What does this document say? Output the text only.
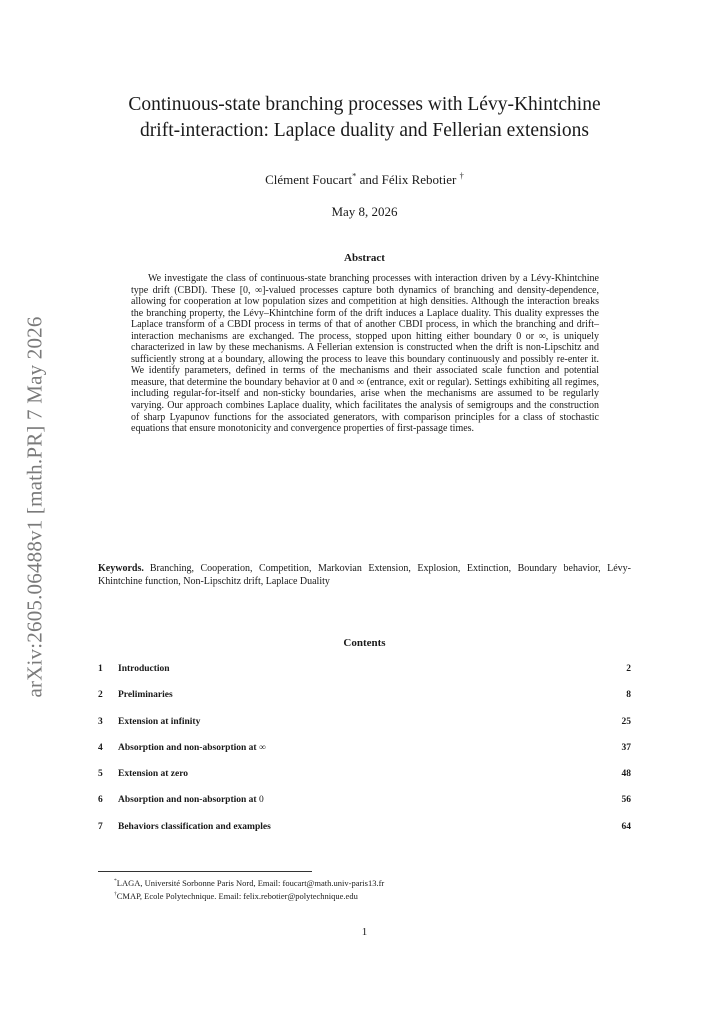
arXiv:2605.06488v1 [math.PR] 7 May 2026
Continuous-state branching processes with Lévy-Khintchine
drift-interaction: Laplace duality and Fellerian extensions
Clément Foucart* and Félix Rebotier †
May 8, 2026
Abstract

We investigate the class of continuous-state branching processes with interaction driven by a Lévy-Khintchine type drift (CBDI). These [0, ∞]-valued processes capture both dynamics of branching and density-dependence, allowing for cooperation at low population sizes and competition at high densities. Although the interaction breaks the branching property, the Lévy–Khintchine form of the drift induces a Laplace duality. This duality expresses the Laplace transform of a CBDI process in terms of that of another CBDI process, in which the branching and drift–interaction mechanisms are exchanged. The process, stopped upon hitting either boundary 0 or ∞, is uniquely characterized in law by these mechanisms. A Fellerian extension is constructed when the drift is non-Lipschitz and sufficiently strong at a boundary, allowing the process to leave this boundary continuously and possibly re-enter it. We identify parameters, defined in terms of the mechanisms and their associated scale function and potential measure, that determine the boundary behavior at 0 and ∞ (entrance, exit or regular). Settings exhibiting all regimes, including regular-for-itself and non-sticky boundaries, arise when the mechanisms are assumed to be regularly varying. Our approach combines Laplace duality, which facilitates the analysis of semigroups and the construction of sharp Lyapunov functions for the associated generators, with comparison principles for a class of stochastic equations that ensure monotonicity and convergence properties of first-passage times.

Keywords. Branching, Cooperation, Competition, Markovian Extension, Explosion, Extinction, Boundary behavior, Lévy-Khintchine function, Non-Lipschitz drift, Laplace Duality

Contents
1	Introduction	2
2	Preliminaries	8
3	Extension at infinity	25
4	Absorption and non-absorption at ∞	37
5	Extension at zero	48
6	Absorption and non-absorption at 0	56
7	Behaviors classification and examples	64
*LAGA, Université Sorbonne Paris Nord, Email: foucart@math.univ-paris13.fr
†CMAP, Ecole Polytechnique. Email: felix.rebotier@polytechnique.edu
1
